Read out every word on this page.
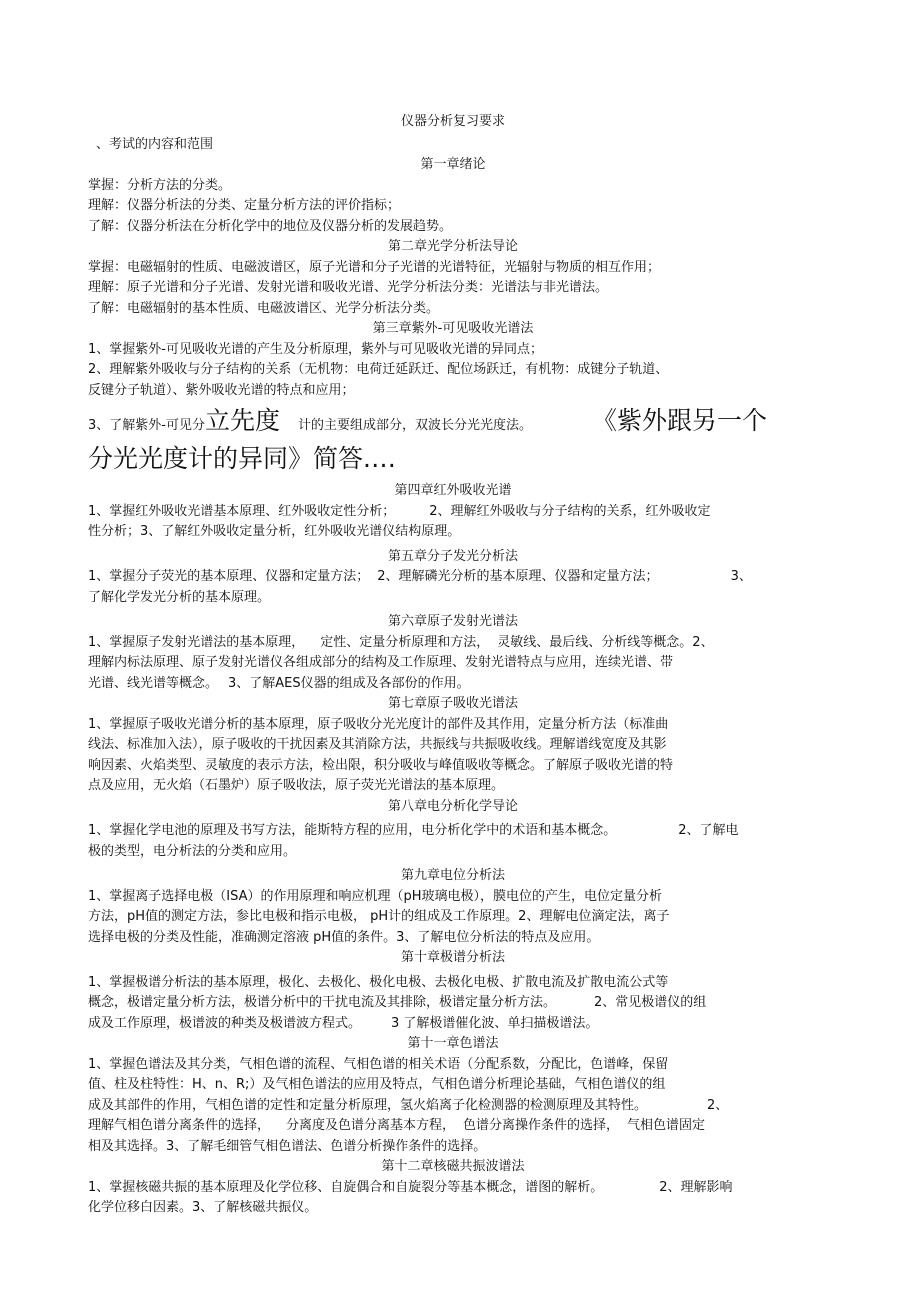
仪器分析复习要求
、考试的内容和范围
第一章绪论
掌握：分析方法的分类。
理解：仪器分析法的分类、定量分析方法的评价指标；
了解：仪器分析法在分析化学中的地位及仪器分析的发展趋势。
第二章光学分析法导论
掌握：电磁辐射的性质、电磁波谱区，原子光谱和分子光谱的光谱特征，光辐射与物质的相互作用；
理解：原子光谱和分子光谱、发射光谱和吸收光谱、光学分析法分类：光谱法与非光谱法。
了解：电磁辐射的基本性质、电磁波谱区、光学分析法分类。
第三章紫外-可见吸收光谱法
1、掌握紫外-可见吸收光谱的产生及分析原理，紫外与可见吸收光谱的异同点；
2、理解紫外吸收与分子结构的关系（无机物：电荷迁延跃迁、配位场跃迁，有机物：成键分子轨道、
反键分子轨道）、紫外吸收光谱的特点和应用；
3、了解紫外-可见分立先度 计的主要组成部分，双波长分光光度法。 《紫外跟另一个
分光光度计的异同》简答.…
第四章红外吸收光谱
1、掌握红外吸收光谱基本原理、红外吸收定性分析；	2、理解红外吸收与分子结构的关系，红外吸收定
性分析；3、了解红外吸收定量分析，红外吸收光谱仪结构原理。
第五章分子发光分析法
1、掌握分子荧光的基本原理、仪器和定量方法； 2、理解磷光分析的基本原理、仪器和定量方法；	3、
了解化学发光分析的基本原理。
第六章原子发射光谱法
1、掌握原子发射光谱法的基本原理， 定性、定量分析原理和方法， 灵敏线、最后线、分析线等概念。2、
理解内标法原理、原子发射光谱仪各组成部分的结构及工作原理、发射光谱特点与应用，连续光谱、带
光谱、线光谱等概念。 3、了解AES仪器的组成及各部份的作用。
第七章原子吸收光谱法
1、掌握原子吸收光谱分析的基本原理，原子吸收分光光度计的部件及其作用，定量分析方法（标准曲
线法、标准加入法），原子吸收的干扰因素及其消除方法，共振线与共振吸收线。理解谱线宽度及其影
响因素、火焰类型、灵敏度的表示方法，检出限，积分吸收与峰值吸收等概念。了解原子吸收光谱的特
点及应用，无火焰（石墨炉）原子吸收法，原子荧光光谱法的基本原理。
第八章电分析化学导论
1、掌握化学电池的原理及书写方法，能斯特方程的应用，电分析化学中的术语和基本概念。	2、了解电
极的类型，电分析法的分类和应用。
第九章电位分析法
1、掌握离子选择电极（ISA）的作用原理和响应机理（pH玻璃电极），膜电位的产生，电位定量分析
方法，pH值的测定方法，参比电极和指示电极， pH计的组成及工作原理。2、理解电位滴定法，离子
选择电极的分类及性能，准确测定溶液 pH值的条件。3、了解电位分析法的特点及应用。
第十章极谱分析法
1、掌握极谱分析法的基本原理，极化、去极化、极化电极、去极化电极、扩散电流及扩散电流公式等
概念，极谱定量分析方法，极谱分析中的干扰电流及其排除，极谱定量分析方法。	2、常见极谱仪的组
成及工作原理，极谱波的种类及极谱波方程式。 3 了解极谱催化波、单扫描极谱法。
第十一章色谱法
1、掌握色谱法及其分类，气相色谱的流程、气相色谱的相关术语（分配系数，分配比，色谱峰，保留
值、柱及柱特性：H、n、R;）及气相色谱法的应用及特点，气相色谱分析理论基础，气相色谱仪的组
成及其部件的作用，气相色谱的定性和定量分析原理，氢火焰离子化检测器的检测原理及其特性。	2、
理解气相色谱分离条件的选择， 分离度及色谱分离基本方程， 色谱分离操作条件的选择， 气相色谱固定
相及其选择。3、了解毛细管气相色谱法、色谱分析操作条件的选择。
第十二章核磁共振波谱法
1、掌握核磁共振的基本原理及化学位移、自旋偶合和自旋裂分等基本概念，谱图的解析。	2、理解影响
化学位移白因素。3、了解核磁共振仪。
